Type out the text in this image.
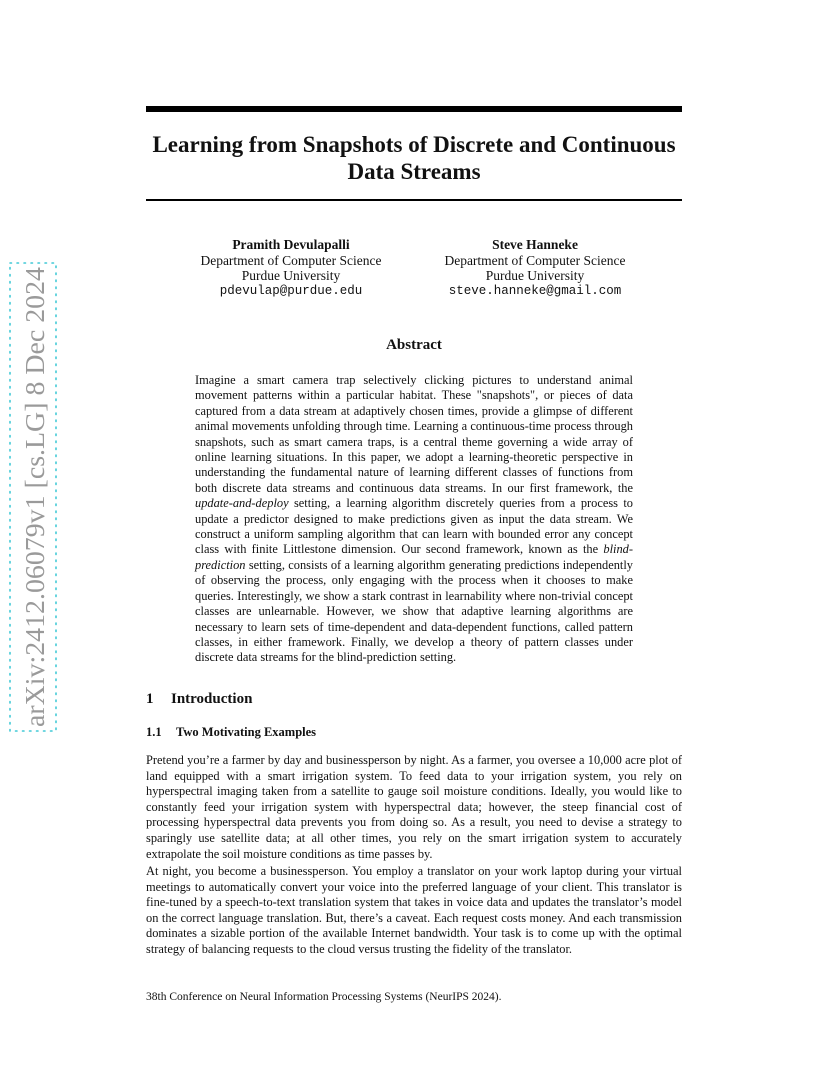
Learning from Snapshots of Discrete and Continuous
Data Streams
arXiv:2412.06079v1 [cs.LG] 8 Dec 2024
Pramith Devulapalli
Department of Computer Science
Purdue University
pdevulap@purdue.edu
Steve Hanneke
Department of Computer Science
Purdue University
steve.hanneke@gmail.com
Abstract

Imagine a smart camera trap selectively clicking pictures to understand animal movement patterns within a particular habitat. These "snapshots", or pieces of data captured from a data stream at adaptively chosen times, provide a glimpse of different animal movements unfolding through time. Learning a continuous-time process through snapshots, such as smart camera traps, is a central theme governing a wide array of online learning situations. In this paper, we adopt a learning-theoretic perspective in understanding the fundamental nature of learning different classes of functions from both discrete data streams and continuous data streams. In our first framework, the update-and-deploy setting, a learning algorithm discretely queries from a process to update a predictor designed to make predictions given as input the data stream. We construct a uniform sampling algorithm that can learn with bounded error any concept class with finite Littlestone dimension. Our second framework, known as the blind-prediction setting, consists of a learning algorithm generating predictions independently of observing the process, only engaging with the process when it chooses to make queries. Interestingly, we show a stark contrast in learnability where non-trivial concept classes are unlearnable. However, we show that adaptive learning algorithms are necessary to learn sets of time-dependent and data-dependent functions, called pattern classes, in either framework. Finally, we develop a theory of pattern classes under discrete data streams for the blind-prediction setting.

1 Introduction
1.1 Two Motivating Examples

Pretend you’re a farmer by day and businessperson by night. As a farmer, you oversee a 10,000 acre plot of land equipped with a smart irrigation system. To feed data to your irrigation system, you rely on hyperspectral imaging taken from a satellite to gauge soil moisture conditions. Ideally, you would like to constantly feed your irrigation system with hyperspectral data; however, the steep financial cost of processing hyperspectral data prevents you from doing so. As a result, you need to devise a strategy to sparingly use satellite data; at all other times, you rely on the smart irrigation system to accurately extrapolate the soil moisture conditions as time passes by.

At night, you become a businessperson. You employ a translator on your work laptop during your virtual meetings to automatically convert your voice into the preferred language of your client. This translator is fine-tuned by a speech-to-text translation system that takes in voice data and updates the translator’s model on the correct language translation. But, there’s a caveat. Each request costs money. And each transmission dominates a sizable portion of the available Internet bandwidth. Your task is to come up with the optimal strategy of balancing requests to the cloud versus trusting the fidelity of the translator.

38th Conference on Neural Information Processing Systems (NeurIPS 2024).
